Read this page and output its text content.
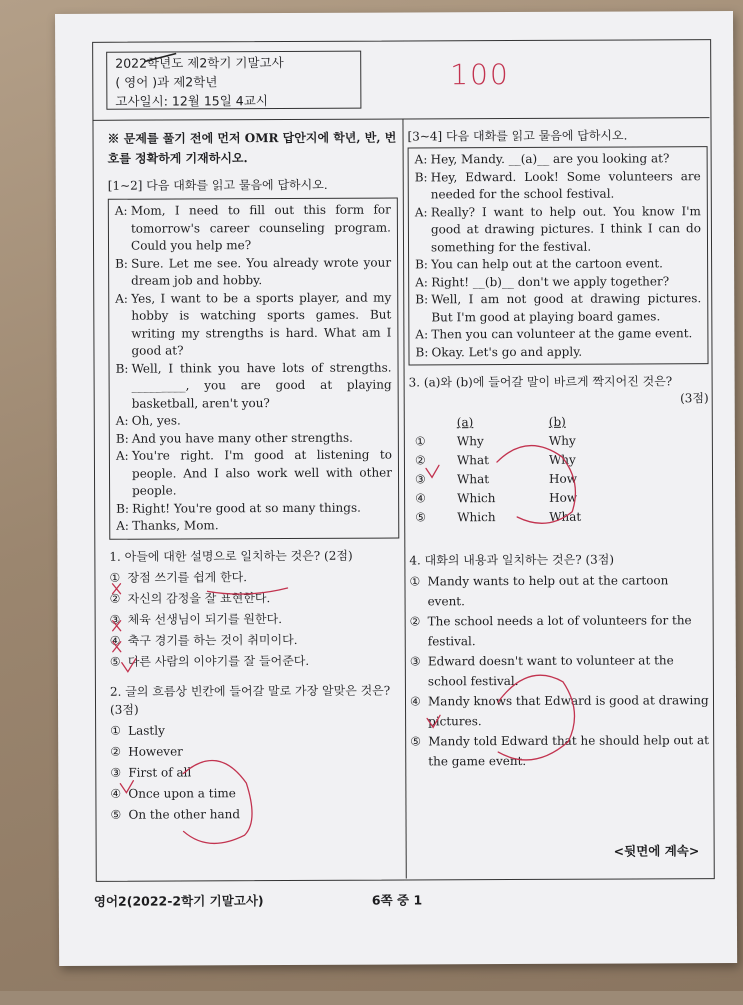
2022학년도 제2학기 기말고사
( 영어 )과 제2학년
고사일시: 12월 15일 4교시
100
※ 문제를 풀기 전에 먼저 OMR 답안지에 학년, 반, 번호를 정확하게 기재하시오.
[1~2] 다음 대화를 읽고 물음에 답하시오.
A: Mom, I need to fill out this form for tomorrow's career counseling program. Could you help me?
B: Sure. Let me see. You already wrote your dream job and hobby.
A: Yes, I want to be a sports player, and my hobby is watching sports games. But writing my strengths is hard. What am I good at?
B: Well, I think you have lots of strengths. _________, you are good at playing basketball, aren't you?
A: Oh, yes.
B: And you have many other strengths.
A: You're right. I'm good at listening to people. And I also work well with other people.
B: Right! You're good at so many things.
A: Thanks, Mom.
1. 아들에 대한 설명으로 일치하는 것은? (2점)
① 장점 쓰기를 쉽게 한다.
② 자신의 감정을 잘 표현한다.
③ 체육 선생님이 되기를 원한다.
④ 축구 경기를 하는 것이 취미이다.
⑤ 다른 사람의 이야기를 잘 들어준다.
2. 글의 흐름상 빈칸에 들어갈 말로 가장 알맞은 것은? (3점)
① Lastly
② However
③ First of all
④ Once upon a time
⑤ On the other hand
[3~4] 다음 대화를 읽고 물음에 답하시오.
A: Hey, Mandy. __(a)__ are you looking at?
B: Hey, Edward. Look! Some volunteers are needed for the school festival.
A: Really? I want to help out. You know I'm good at drawing pictures. I think I can do something for the festival.
B: You can help out at the cartoon event.
A: Right! __(b)__ don't we apply together?
B: Well, I am not good at drawing pictures. But I'm good at playing board games.
A: Then you can volunteer at the game event.
B: Okay. Let's go and apply.
3. (a)와 (b)에 들어갈 말이 바르게 짝지어진 것은?
(3점)
(a)	(b)
①	Why	Why
②	What	Why
③	What	How
④	Which	How
⑤	Which	What
4. 대화의 내용과 일치하는 것은? (3점)
① Mandy wants to help out at the cartoon event.
② The school needs a lot of volunteers for the festival.
③ Edward doesn't want to volunteer at the school festival.
④ Mandy knows that Edward is good at drawing pictures.
⑤ Mandy told Edward that he should help out at the game event.
<뒷면에 계속>
영어2(2022-2학기 기말고사)	6쪽 중 1
